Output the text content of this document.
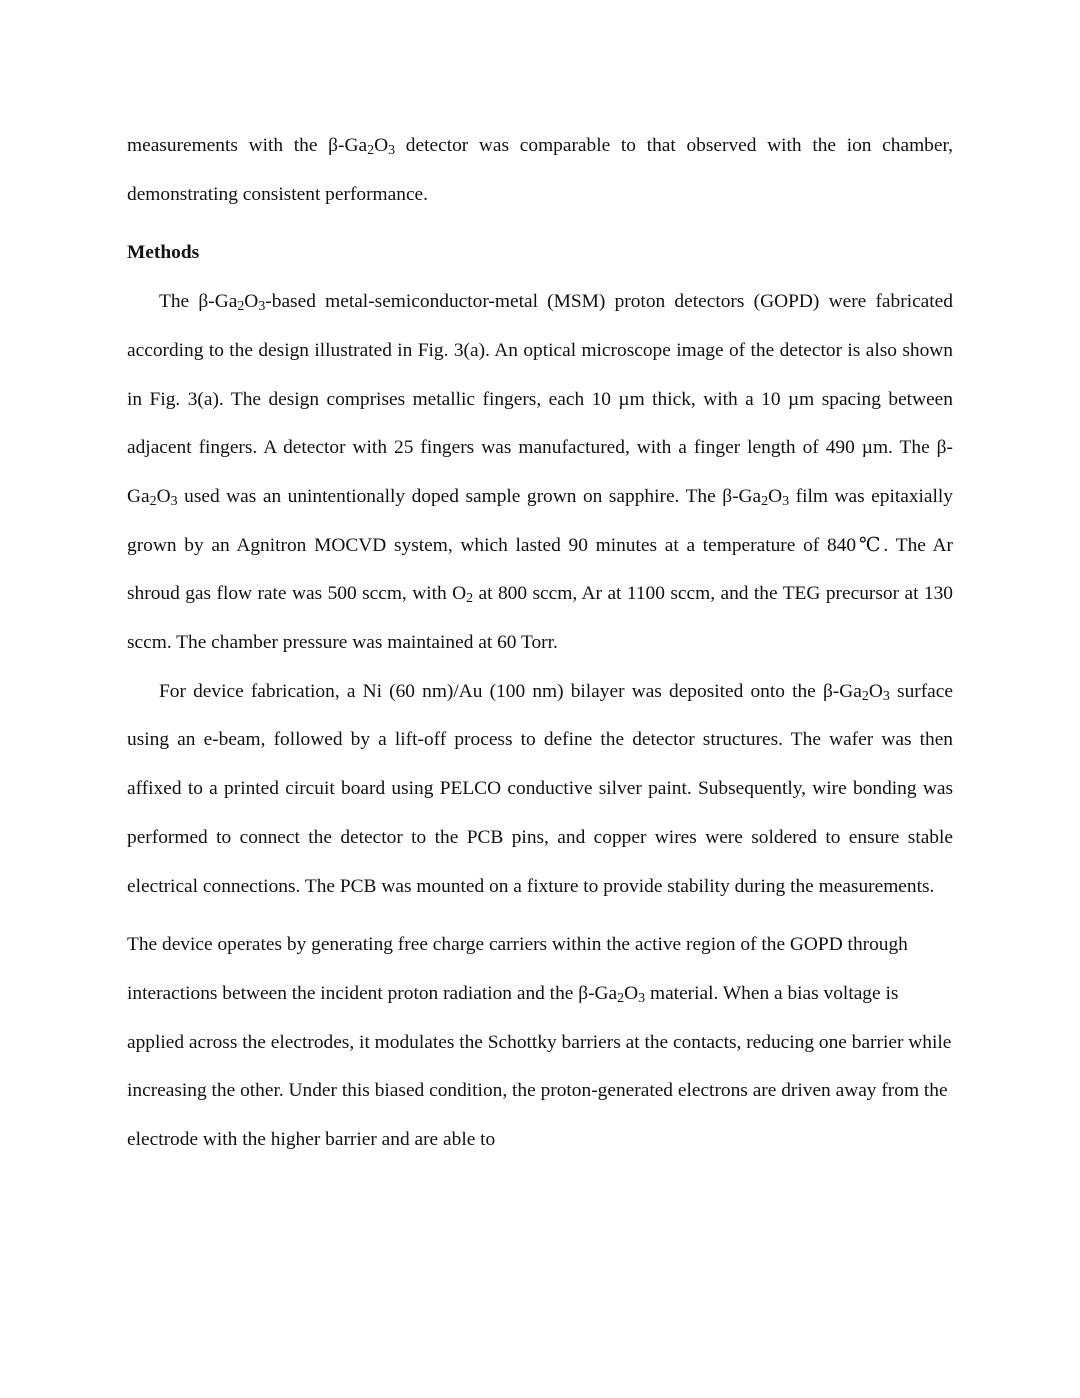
measurements with the $\beta-Ga_2O_3$ detector was comparable to that observed with the ion chamber, demonstrating consistent performance.

Methods

The $\beta-Ga_2O_3$-based metal-semiconductor-metal (MSM) proton detectors (GOPD) were fabricated according to the design illustrated in Fig. 3(a). An optical microscope image of the detector is also shown in Fig. 3(a). The design comprises metallic fingers, each 10 µm thick, with a 10 µm spacing between adjacent fingers. A detector with 25 fingers was manufactured, with a finger length of 490 µm. The $\beta-Ga_2O_3$ used was an unintentionally doped sample grown on sapphire. The $\beta-Ga_2O_3$ film was epitaxially grown by an Agnitron MOCVD system, which lasted 90 minutes at a temperature of 840℃. The Ar shroud gas flow rate was 500 sccm, with $O_2$ at 800 sccm, Ar at 1100 sccm, and the TEG precursor at 130 sccm. The chamber pressure was maintained at 60 Torr.

For device fabrication, a Ni (60 nm)/Au (100 nm) bilayer was deposited onto the $\beta-Ga_2O_3$ surface using an e-beam, followed by a lift-off process to define the detector structures. The wafer was then affixed to a printed circuit board using PELCO conductive silver paint. Subsequently, wire bonding was performed to connect the detector to the PCB pins, and copper wires were soldered to ensure stable electrical connections. The PCB was mounted on a fixture to provide stability during the measurements.

The device operates by generating free charge carriers within the active region of the GOPD through interactions between the incident proton radiation and the $\beta-Ga_2O_3$ material. When a bias voltage is applied across the electrodes, it modulates the Schottky barriers at the contacts, reducing one barrier while increasing the other. Under this biased condition, the proton-generated electrons are driven away from the electrode with the higher barrier and are able to
